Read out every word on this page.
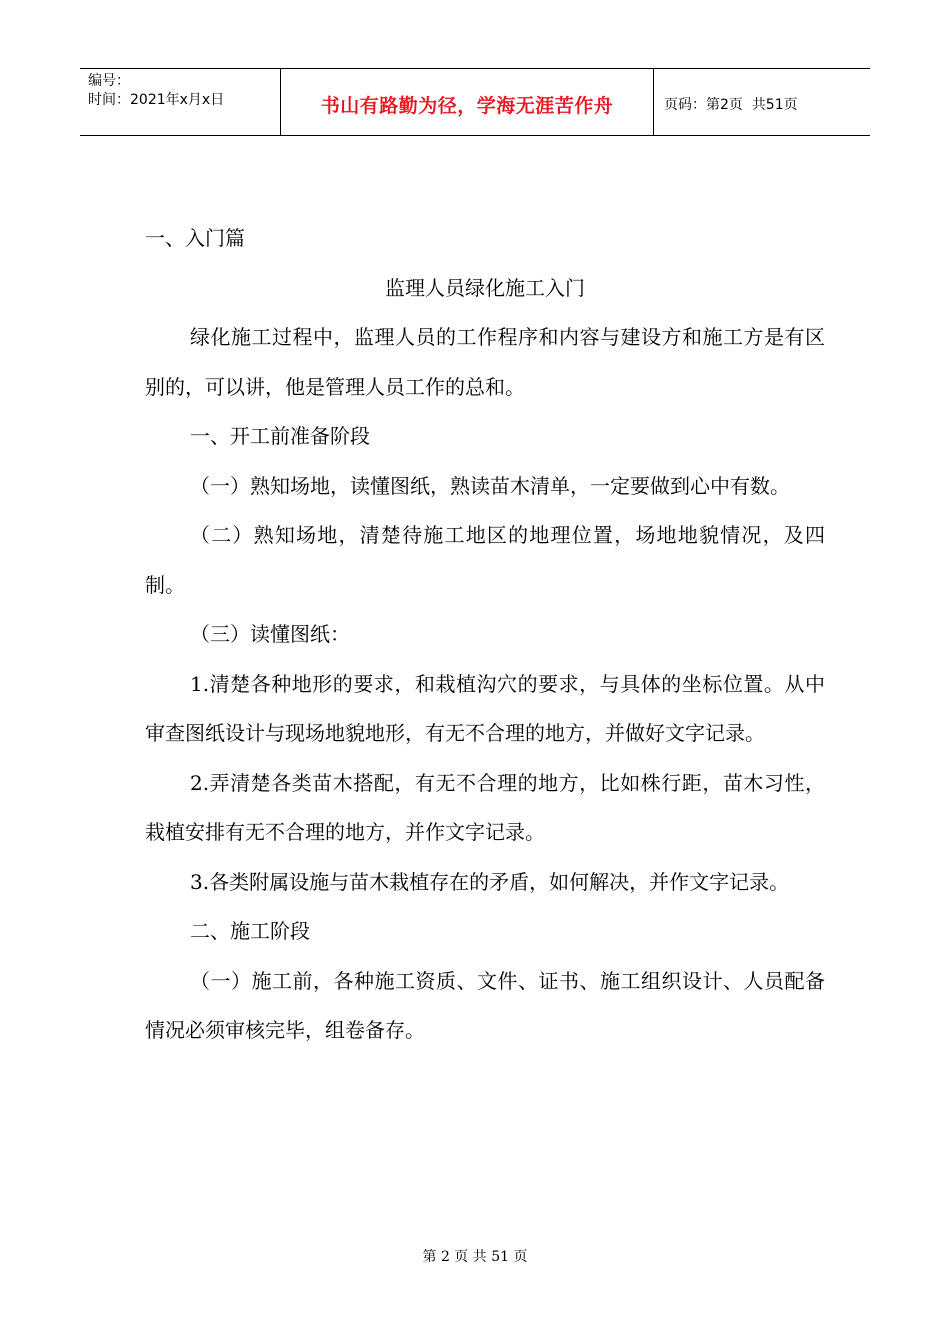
编号：
时间：2021年x月x日	书山有路勤为径，学海无涯苦作舟	页码：第2页  共51页

一、入门篇

监理人员绿化施工入门

绿化施工过程中，监理人员的工作程序和内容与建设方和施工方是有区别的，可以讲，他是管理人员工作的总和。

一、开工前准备阶段

（一）熟知场地，读懂图纸，熟读苗木清单，一定要做到心中有数。

（二）熟知场地，清楚待施工地区的地理位置，场地地貌情况，及四制。

（三）读懂图纸：

1.清楚各种地形的要求，和栽植沟穴的要求，与具体的坐标位置。从中审查图纸设计与现场地貌地形，有无不合理的地方，并做好文字记录。

2.弄清楚各类苗木搭配，有无不合理的地方，比如株行距，苗木习性，栽植安排有无不合理的地方，并作文字记录。

3.各类附属设施与苗木栽植存在的矛盾，如何解决，并作文字记录。

二、施工阶段

（一）施工前，各种施工资质、文件、证书、施工组织设计、人员配备情况必须审核完毕，组卷备存。

第 2 页 共 51 页
